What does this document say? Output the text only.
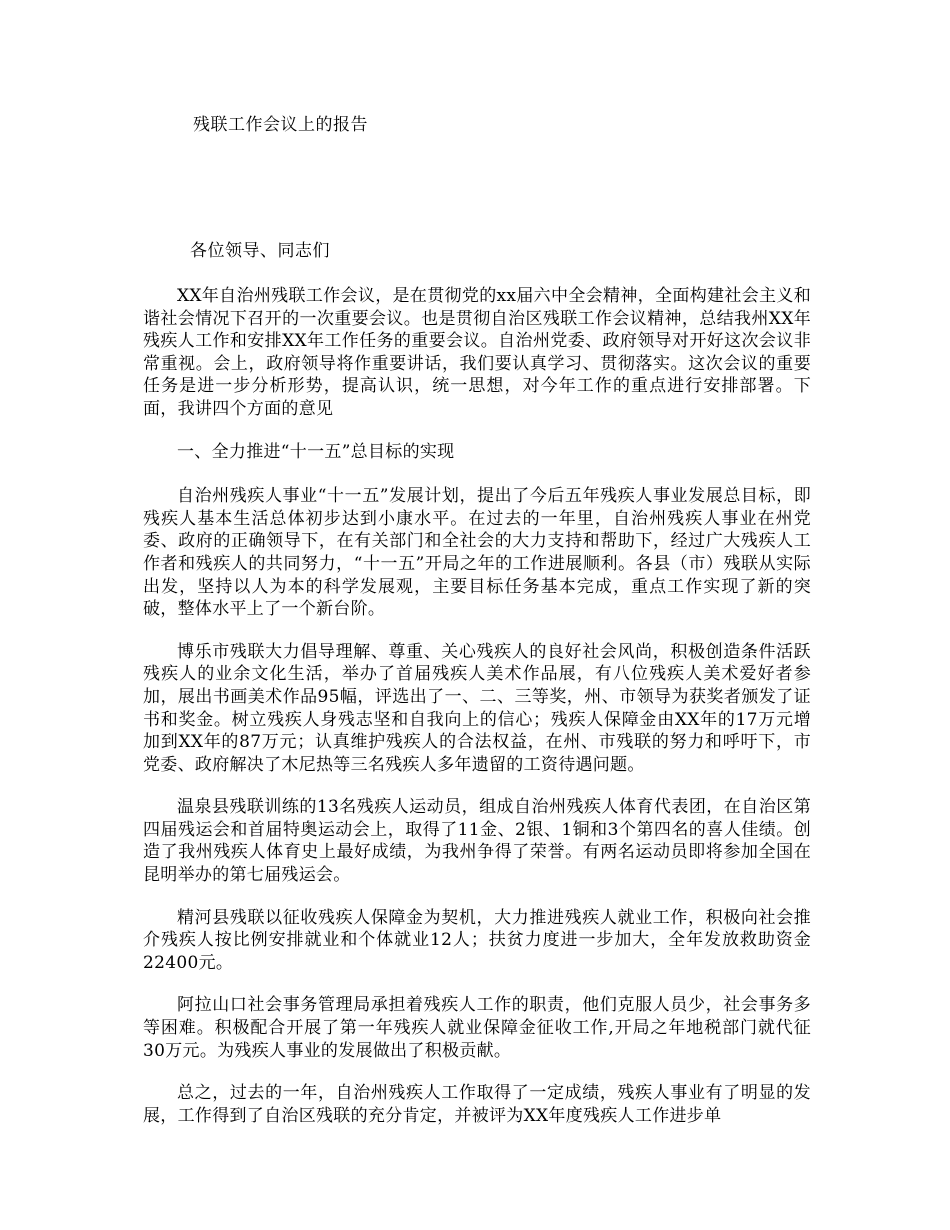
残联工作会议上的报告
各位领导、同志们

XX年自治州残联工作会议，是在贯彻党的xx届六中全会精神，全面构建社会主义和谐社会情况下召开的一次重要会议。也是贯彻自治区残联工作会议精神，总结我州XX年残疾人工作和安排XX年工作任务的重要会议。自治州党委、政府领导对开好这次会议非常重视。会上，政府领导将作重要讲话，我们要认真学习、贯彻落实。这次会议的重要任务是进一步分析形势，提高认识，统一思想，对今年工作的重点进行安排部署。下面，我讲四个方面的意见

一、全力推进“十一五”总目标的实现

自治州残疾人事业“十一五”发展计划，提出了今后五年残疾人事业发展总目标，即残疾人基本生活总体初步达到小康水平。在过去的一年里，自治州残疾人事业在州党委、政府的正确领导下，在有关部门和全社会的大力支持和帮助下，经过广大残疾人工作者和残疾人的共同努力，“十一五”开局之年的工作进展顺利。各县（市）残联从实际出发，坚持以人为本的科学发展观，主要目标任务基本完成，重点工作实现了新的突破，整体水平上了一个新台阶。

博乐市残联大力倡导理解、尊重、关心残疾人的良好社会风尚，积极创造条件活跃残疾人的业余文化生活，举办了首届残疾人美术作品展，有八位残疾人美术爱好者参加，展出书画美术作品95幅，评选出了一、二、三等奖，州、市领导为获奖者颁发了证书和奖金。树立残疾人身残志坚和自我向上的信心；残疾人保障金由XX年的17万元增加到XX年的87万元；认真维护残疾人的合法权益，在州、市残联的努力和呼吁下，市党委、政府解决了木尼热等三名残疾人多年遗留的工资待遇问题。

温泉县残联训练的13名残疾人运动员，组成自治州残疾人体育代表团，在自治区第四届残运会和首届特奥运动会上，取得了11金、2银、1铜和3个第四名的喜人佳绩。创造了我州残疾人体育史上最好成绩，为我州争得了荣誉。有两名运动员即将参加全国在昆明举办的第七届残运会。

精河县残联以征收残疾人保障金为契机，大力推进残疾人就业工作，积极向社会推介残疾人按比例安排就业和个体就业12人；扶贫力度进一步加大，全年发放救助资金22400元。

阿拉山口社会事务管理局承担着残疾人工作的职责，他们克服人员少，社会事务多等困难。积极配合开展了第一年残疾人就业保障金征收工作,开局之年地税部门就代征30万元。为残疾人事业的发展做出了积极贡献。

总之，过去的一年，自治州残疾人工作取得了一定成绩，残疾人事业有了明显的发展，工作得到了自治区残联的充分肯定，并被评为XX年度残疾人工作进步单
